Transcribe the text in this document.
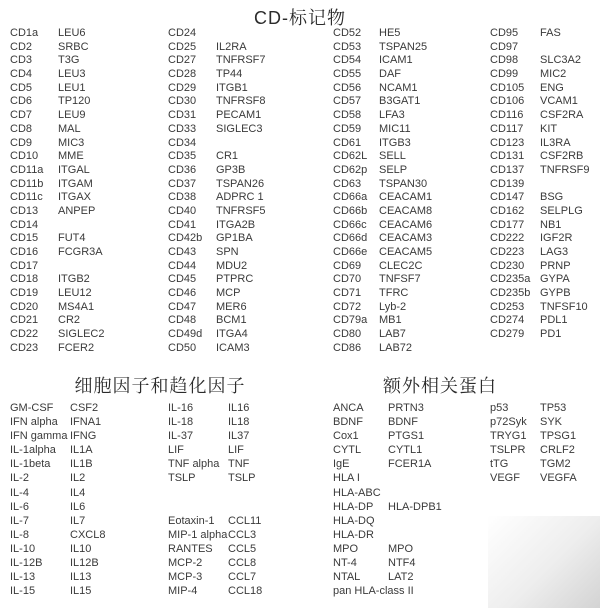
CD-标记物
CD1a	LEU6
CD2	SRBC
CD3	T3G
CD4	LEU3
CD5	LEU1
CD6	TP120
CD7	LEU9
CD8	MAL
CD9	MIC3
CD10	MME
CD11a	ITGAL
CD11b	ITGAM
CD11c	ITGAX
CD13	ANPEP
CD14
CD15	FUT4
CD16	FCGR3A
CD17
CD18	ITGB2
CD19	LEU12
CD20	MS4A1
CD21	CR2
CD22	SIGLEC2
CD23	FCER2
CD24
CD25	IL2RA
CD27	TNFRSF7
CD28	TP44
CD29	ITGB1
CD30	TNFRSF8
CD31	PECAM1
CD33	SIGLEC3
CD34
CD35	CR1
CD36	GP3B
CD37	TSPAN26
CD38	ADPRC 1
CD40	TNFRSF5
CD41	ITGA2B
CD42b	GP1BA
CD43	SPN
CD44	MDU2
CD45	PTPRC
CD46	MCP
CD47	MER6
CD48	BCM1
CD49d	ITGA4
CD50	ICAM3
CD52	HE5
CD53	TSPAN25
CD54	ICAM1
CD55	DAF
CD56	NCAM1
CD57	B3GAT1
CD58	LFA3
CD59	MIC11
CD61	ITGB3
CD62L	SELL
CD62p	SELP
CD63	TSPAN30
CD66a	CEACAM1
CD66b	CEACAM8
CD66c	CEACAM6
CD66d	CEACAM3
CD66e	CEACAM5
CD69	CLEC2C
CD70	TNFSF7
CD71	TFRC
CD72	Lyb-2
CD79a	MB1
CD80	LAB7
CD86	LAB72
CD95	FAS
CD97
CD98	SLC3A2
CD99	MIC2
CD105	ENG
CD106	VCAM1
CD116	CSF2RA
CD117	KIT
CD123	IL3RA
CD131	CSF2RB
CD137	TNFRSF9
CD139
CD147	BSG
CD162	SELPLG
CD177	NB1
CD222	IGF2R
CD223	LAG3
CD230	PRNP
CD235a GYPA
CD235b GYPB
CD253	TNFSF10
CD274	PDL1
CD279	PD1
细胞因子和趋化因子
GM-CSF	CSF2
IFN alpha	IFNA1
IFN gamma IFNG
IL-1alpha	IL1A
IL-1beta	IL1B
IL-2	IL2
IL-4	IL4
IL-6	IL6
IL-7	IL7
IL-8	CXCL8
IL-10	IL10
IL-12B	IL12B
IL-13	IL13
IL-15	IL15
IL-16	IL16
IL-18	IL18
IL-37	IL37
LIF	LIF
TNF alpha TNF
TSLP	TSLP
Eotaxin-1	CCL11
MIP-1 alpha CCL3
RANTES	CCL5
MCP-2	CCL8
MCP-3	CCL7
MIP-4	CCL18
额外相关蛋白
ANCA	PRTN3
BDNF	BDNF
Cox1	PTGS1
CYTL	CYTL1
IgE	FCER1A
HLA I
HLA-ABC
HLA-DP	HLA-DPB1
HLA-DQ
HLA-DR
MPO	MPO
NT-4	NTF4
NTAL	LAT2
pan HLA-class II
p53	TP53
p72Syk	SYK
TRYG1	TPSG1
TSLPR	CRLF2
tTG	TGM2
VEGF	VEGFA
